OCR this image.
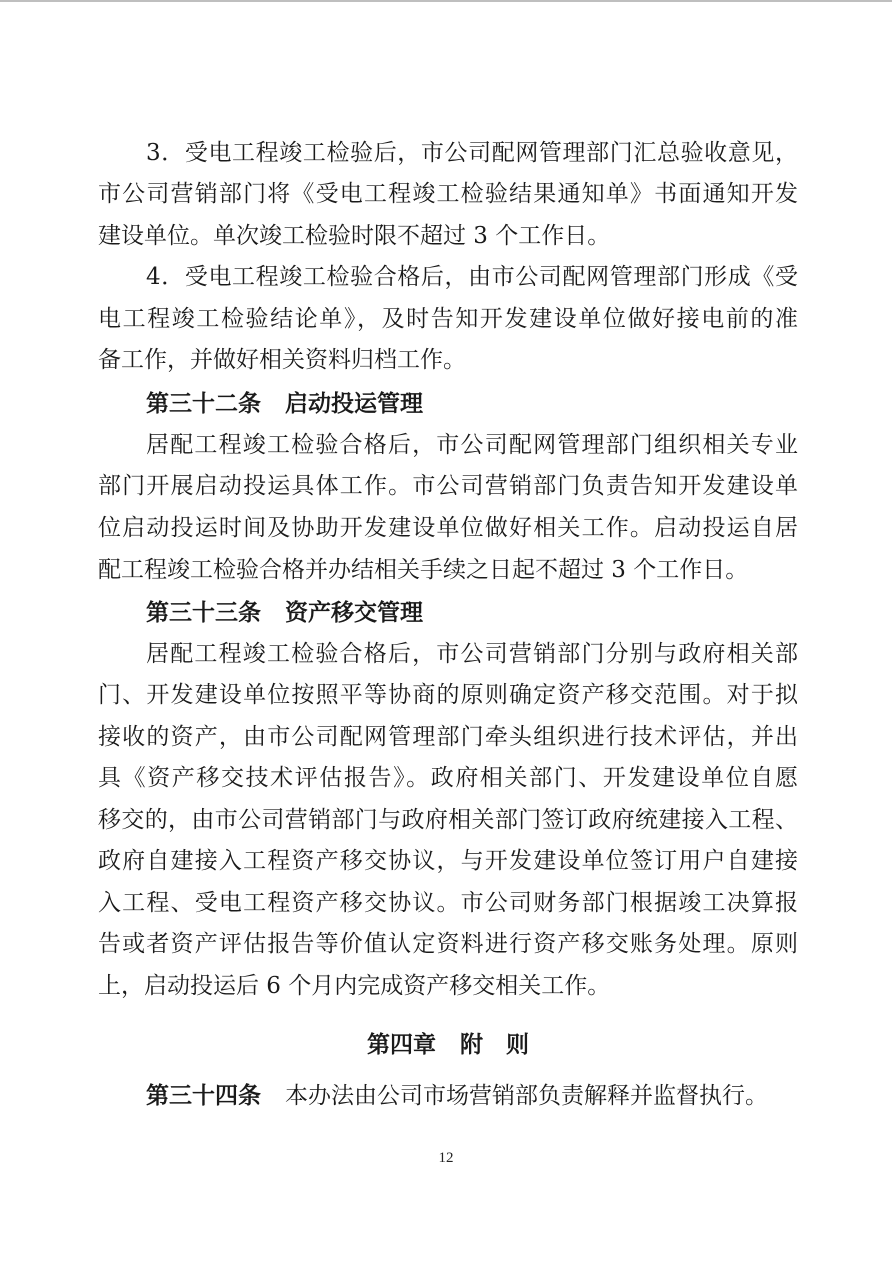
3．受电工程竣工检验后，市公司配网管理部门汇总验收意见，

市公司营销部门将《受电工程竣工检验结果通知单》书面通知开发

建设单位。单次竣工检验时限不超过 3 个工作日。

4．受电工程竣工检验合格后，由市公司配网管理部门形成《受

电工程竣工检验结论单》，及时告知开发建设单位做好接电前的准

备工作，并做好相关资料归档工作。

第三十二条 启动投运管理

居配工程竣工检验合格后，市公司配网管理部门组织相关专业

部门开展启动投运具体工作。市公司营销部门负责告知开发建设单

位启动投运时间及协助开发建设单位做好相关工作。启动投运自居

配工程竣工检验合格并办结相关手续之日起不超过 3 个工作日。

第三十三条 资产移交管理

居配工程竣工检验合格后，市公司营销部门分别与政府相关部

门、开发建设单位按照平等协商的原则确定资产移交范围。对于拟

接收的资产，由市公司配网管理部门牵头组织进行技术评估，并出

具《资产移交技术评估报告》。政府相关部门、开发建设单位自愿

移交的，由市公司营销部门与政府相关部门签订政府统建接入工程、

政府自建接入工程资产移交协议，与开发建设单位签订用户自建接

入工程、受电工程资产移交协议。市公司财务部门根据竣工决算报

告或者资产评估报告等价值认定资料进行资产移交账务处理。原则

上，启动投运后 6 个月内完成资产移交相关工作。

第四章 附　则

第三十四条 本办法由公司市场营销部负责解释并监督执行。

12
